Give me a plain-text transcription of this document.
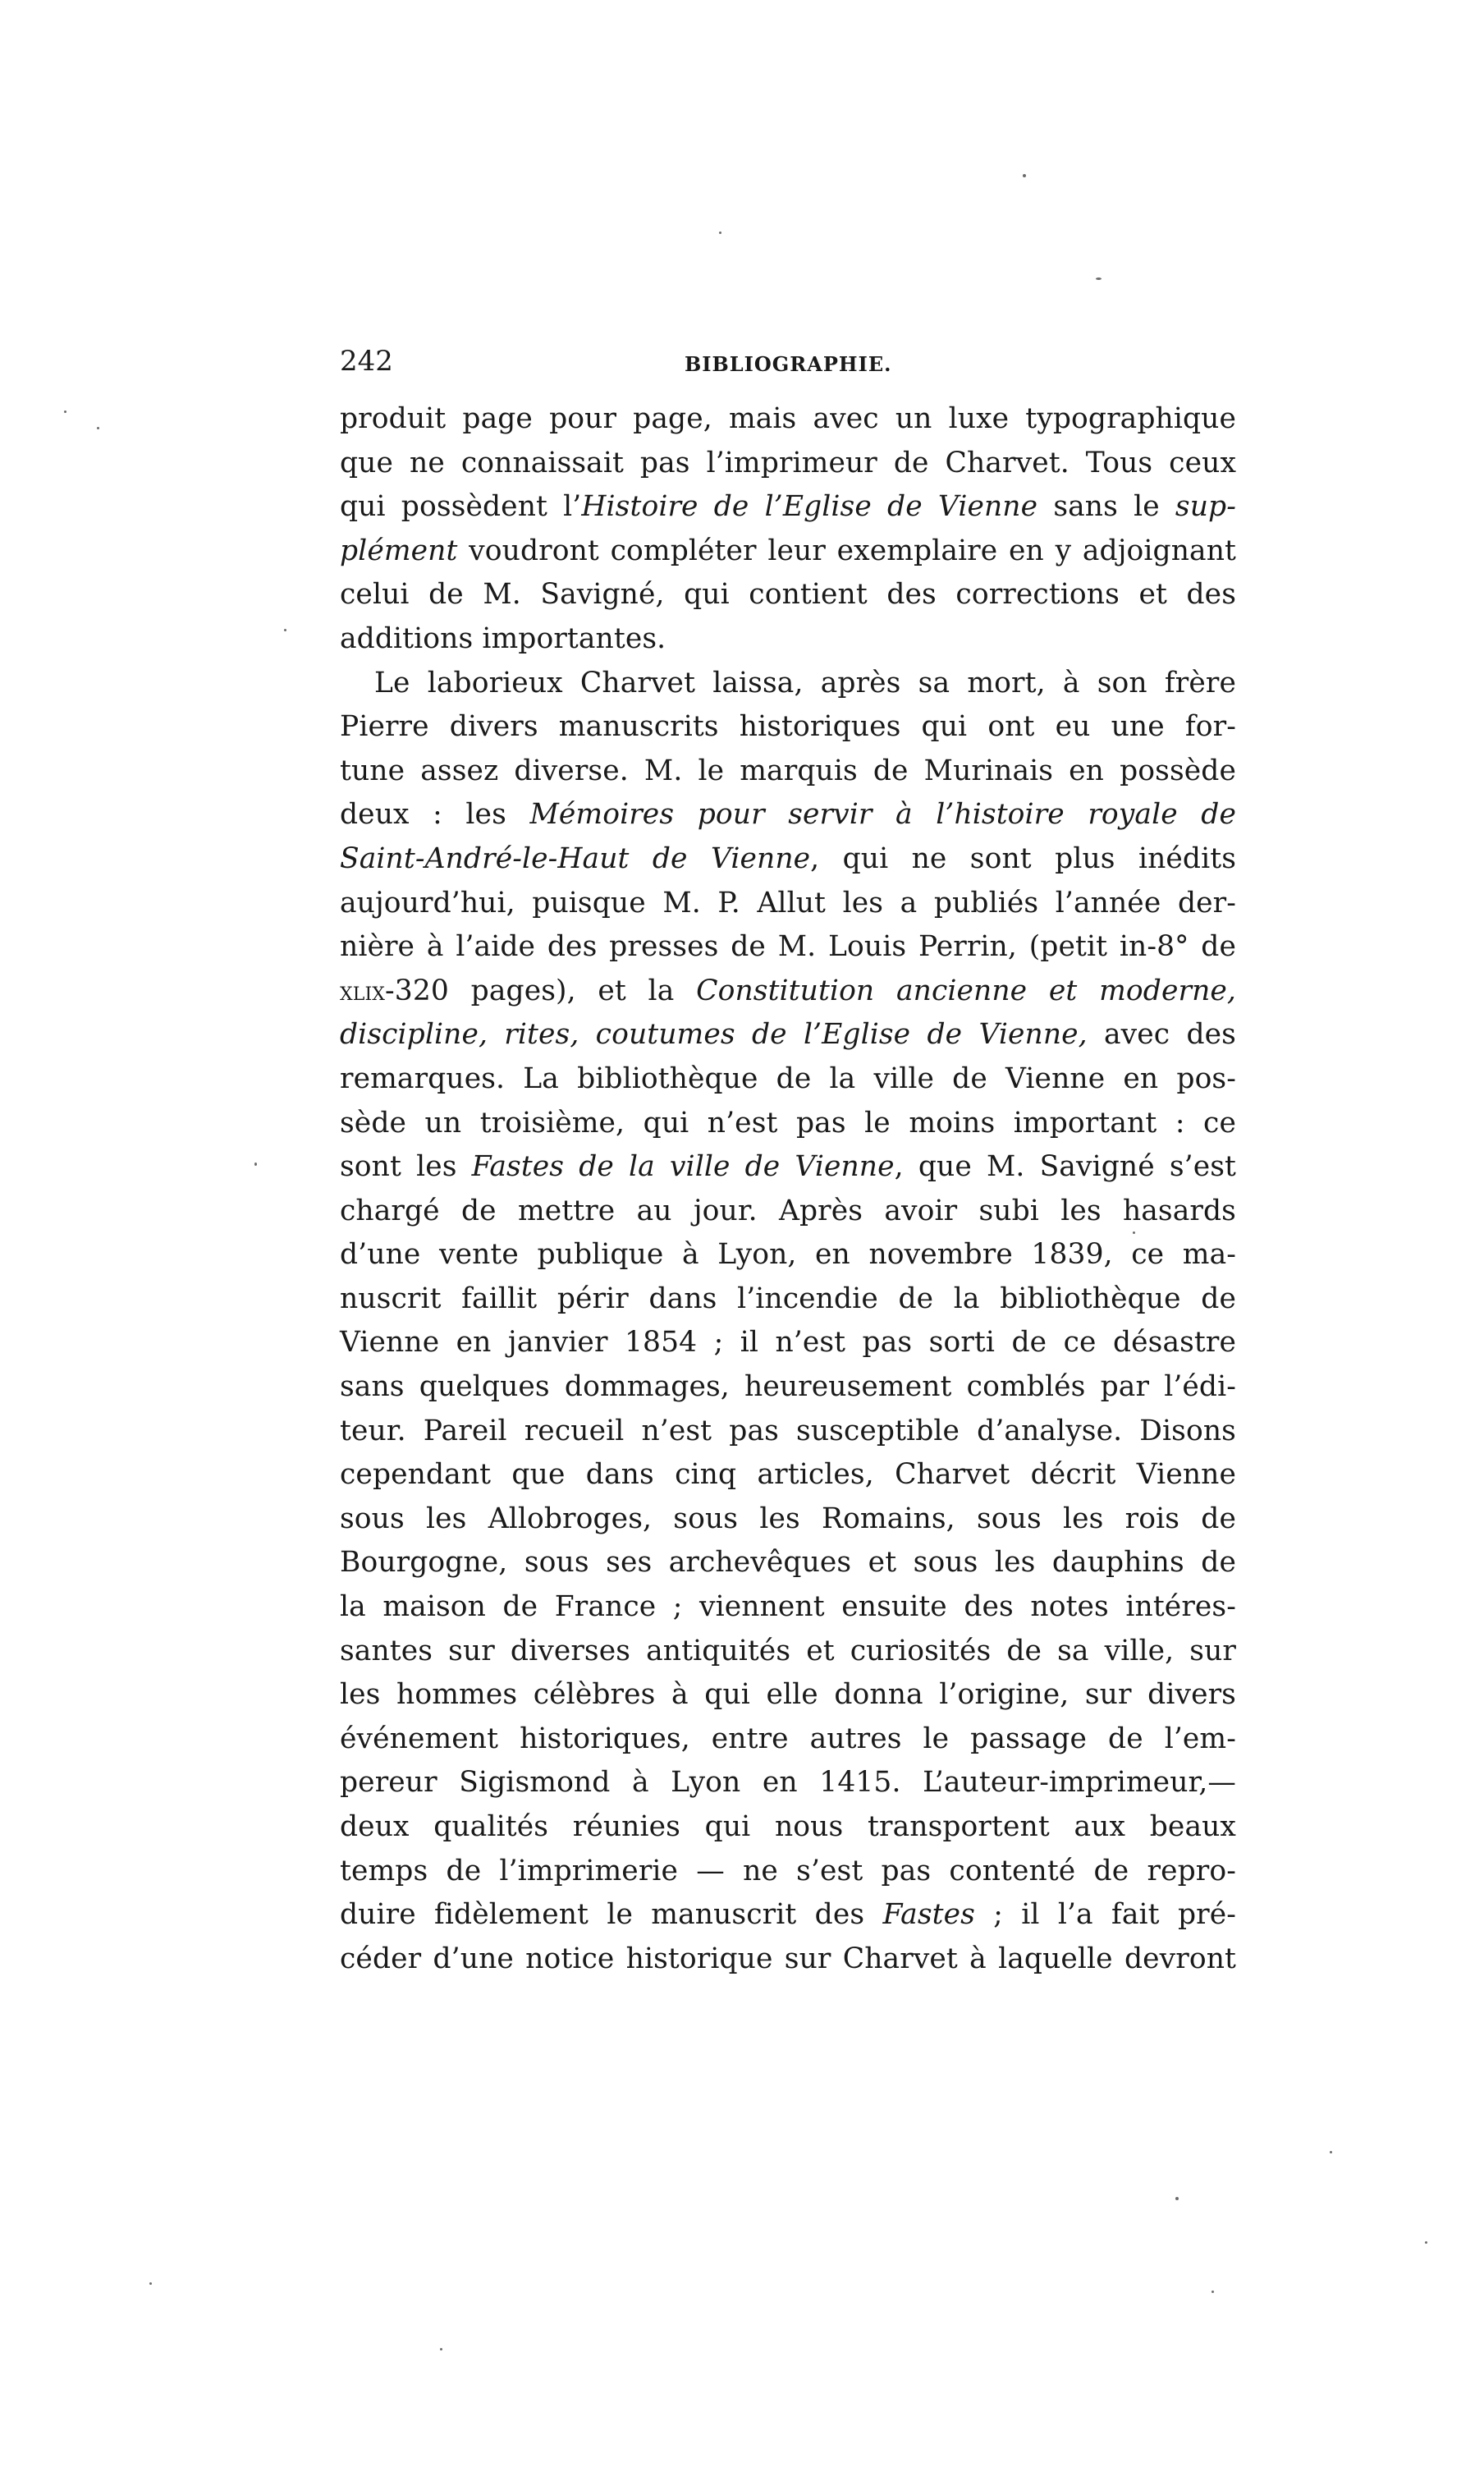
242	BIBLIOGRAPHIE.
produit page pour page, mais avec un luxe typographique
que ne connaissait pas l’imprimeur de Charvet. Tous ceux
qui possèdent l’Histoire de l’Eglise de Vienne sans le sup-
plément voudront compléter leur exemplaire en y adjoignant
celui de M. Savigné, qui contient des corrections et des
additions importantes.
Le laborieux Charvet laissa, après sa mort, à son frère
Pierre divers manuscrits historiques qui ont eu une for-
tune assez diverse. M. le marquis de Murinais en possède
deux : les Mémoires pour servir à l’histoire royale de
Saint-André-le-Haut de Vienne, qui ne sont plus inédits
aujourd’hui, puisque M. P. Allut les a publiés l’année der-
nière à l’aide des presses de M. Louis Perrin, (petit in-8° de
xlix-320 pages), et la Constitution ancienne et moderne,
discipline, rites, coutumes de l’Eglise de Vienne, avec des
remarques. La bibliothèque de la ville de Vienne en pos-
sède un troisième, qui n’est pas le moins important : ce
sont les Fastes de la ville de Vienne, que M. Savigné s’est
chargé de mettre au jour. Après avoir subi les hasards
d’une vente publique à Lyon, en novembre 1839, ce ma-
nuscrit faillit périr dans l’incendie de la bibliothèque de
Vienne en janvier 1854 ; il n’est pas sorti de ce désastre
sans quelques dommages, heureusement comblés par l’édi-
teur. Pareil recueil n’est pas susceptible d’analyse. Disons
cependant que dans cinq articles, Charvet décrit Vienne
sous les Allobroges, sous les Romains, sous les rois de
Bourgogne, sous ses archevêques et sous les dauphins de
la maison de France ; viennent ensuite des notes intéres-
santes sur diverses antiquités et curiosités de sa ville, sur
les hommes célèbres à qui elle donna l’origine, sur divers
événement historiques, entre autres le passage de l’em-
pereur Sigismond à Lyon en 1415. L’auteur-imprimeur,—
deux qualités réunies qui nous transportent aux beaux
temps de l’imprimerie — ne s’est pas contenté de repro-
duire fidèlement le manuscrit des Fastes ; il l’a fait pré-
céder d’une notice historique sur Charvet à laquelle devront
